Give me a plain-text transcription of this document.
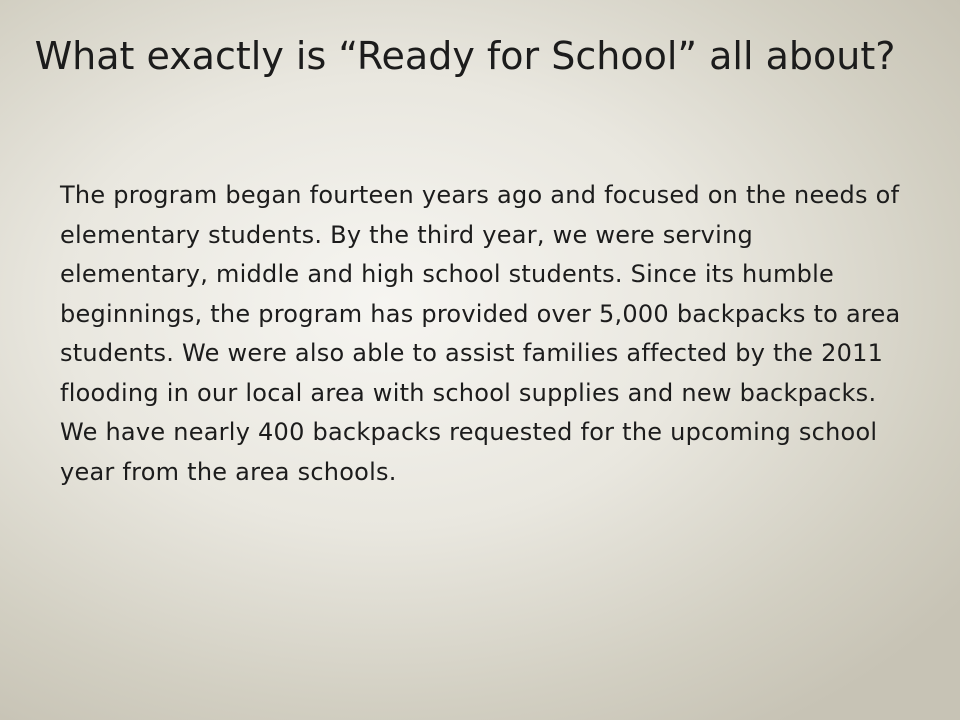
What exactly is “Ready for School” all about?

The program began fourteen years ago and focused on the needs of elementary students. By the third year, we were serving elementary, middle and high school students. Since its humble beginnings, the program has provided over 5,000 backpacks to area students. We were also able to assist families affected by the 2011 flooding in our local area with school supplies and new backpacks. We have nearly 400 backpacks requested for the upcoming school year from the area schools.
